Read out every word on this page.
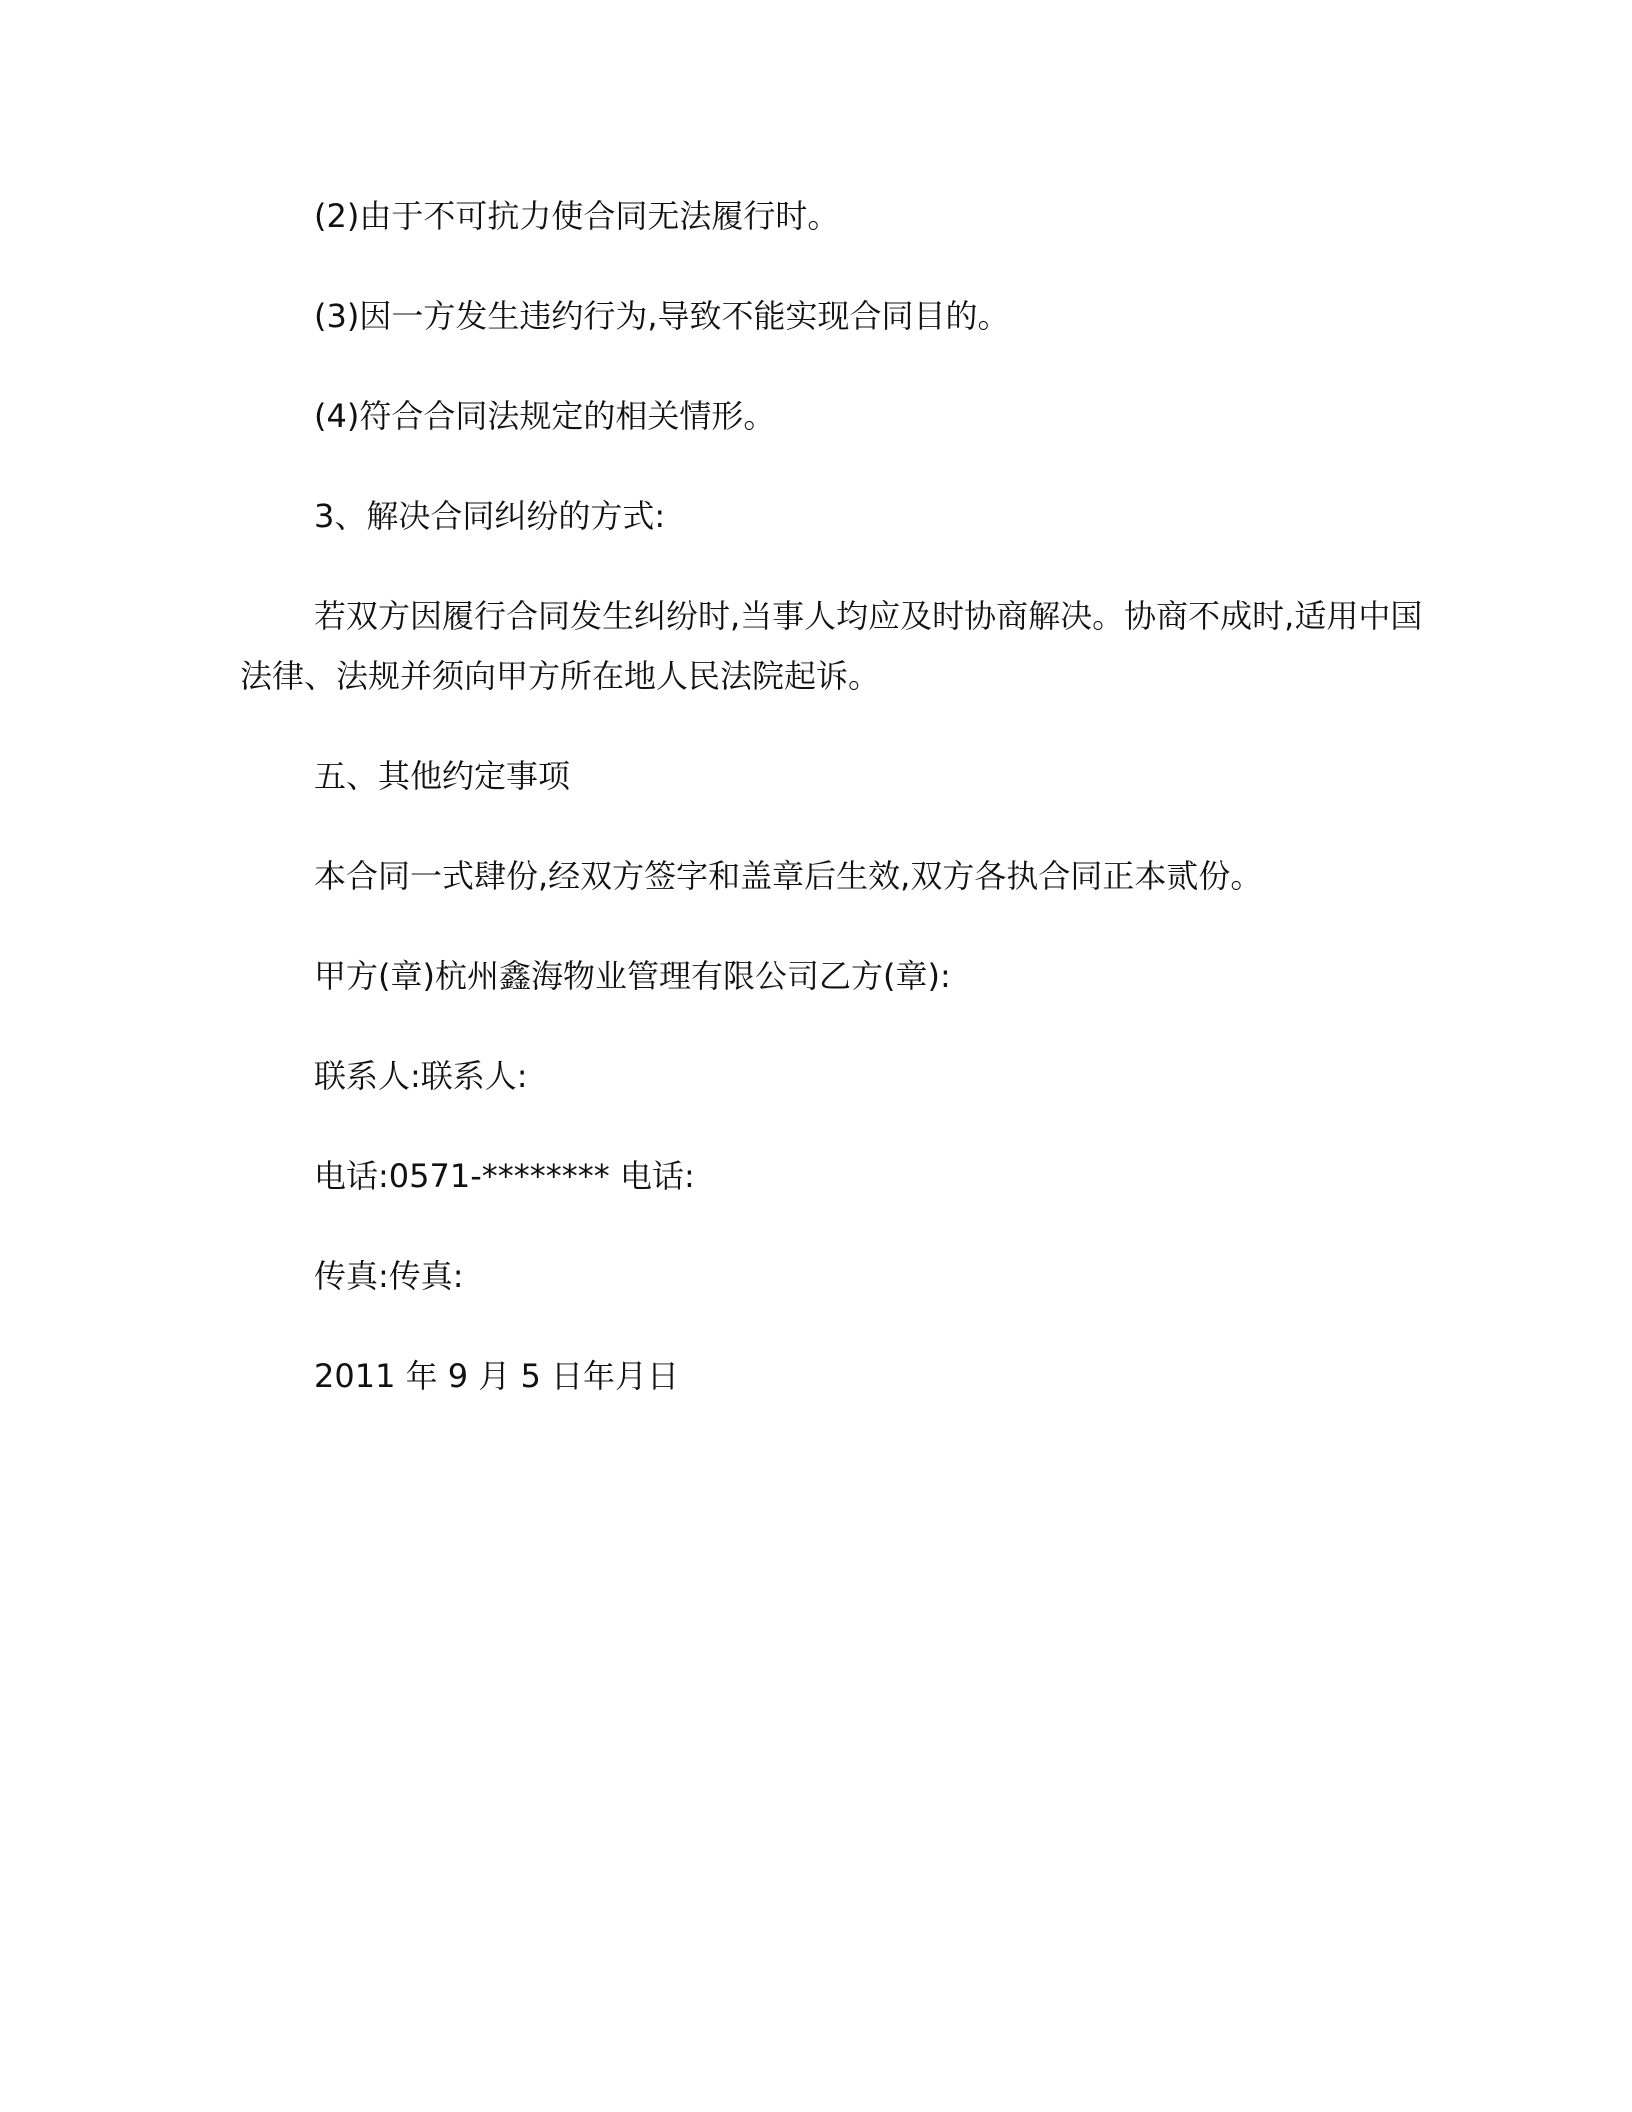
(2)由于不可抗力使合同无法履行时。

(3)因一方发生违约行为,导致不能实现合同目的。

(4)符合合同法规定的相关情形。

3、解决合同纠纷的方式:

若双方因履行合同发生纠纷时,当事人均应及时协商解决。协商不成时,适用中国法律、法规并须向甲方所在地人民法院起诉。

五、其他约定事项

本合同一式肆份,经双方签字和盖章后生效,双方各执合同正本贰份。

甲方(章)杭州鑫海物业管理有限公司乙方(章):

联系人:联系人:

电话:0571-******** 电话:

传真:传真:

2011 年 9 月 5 日年月日
